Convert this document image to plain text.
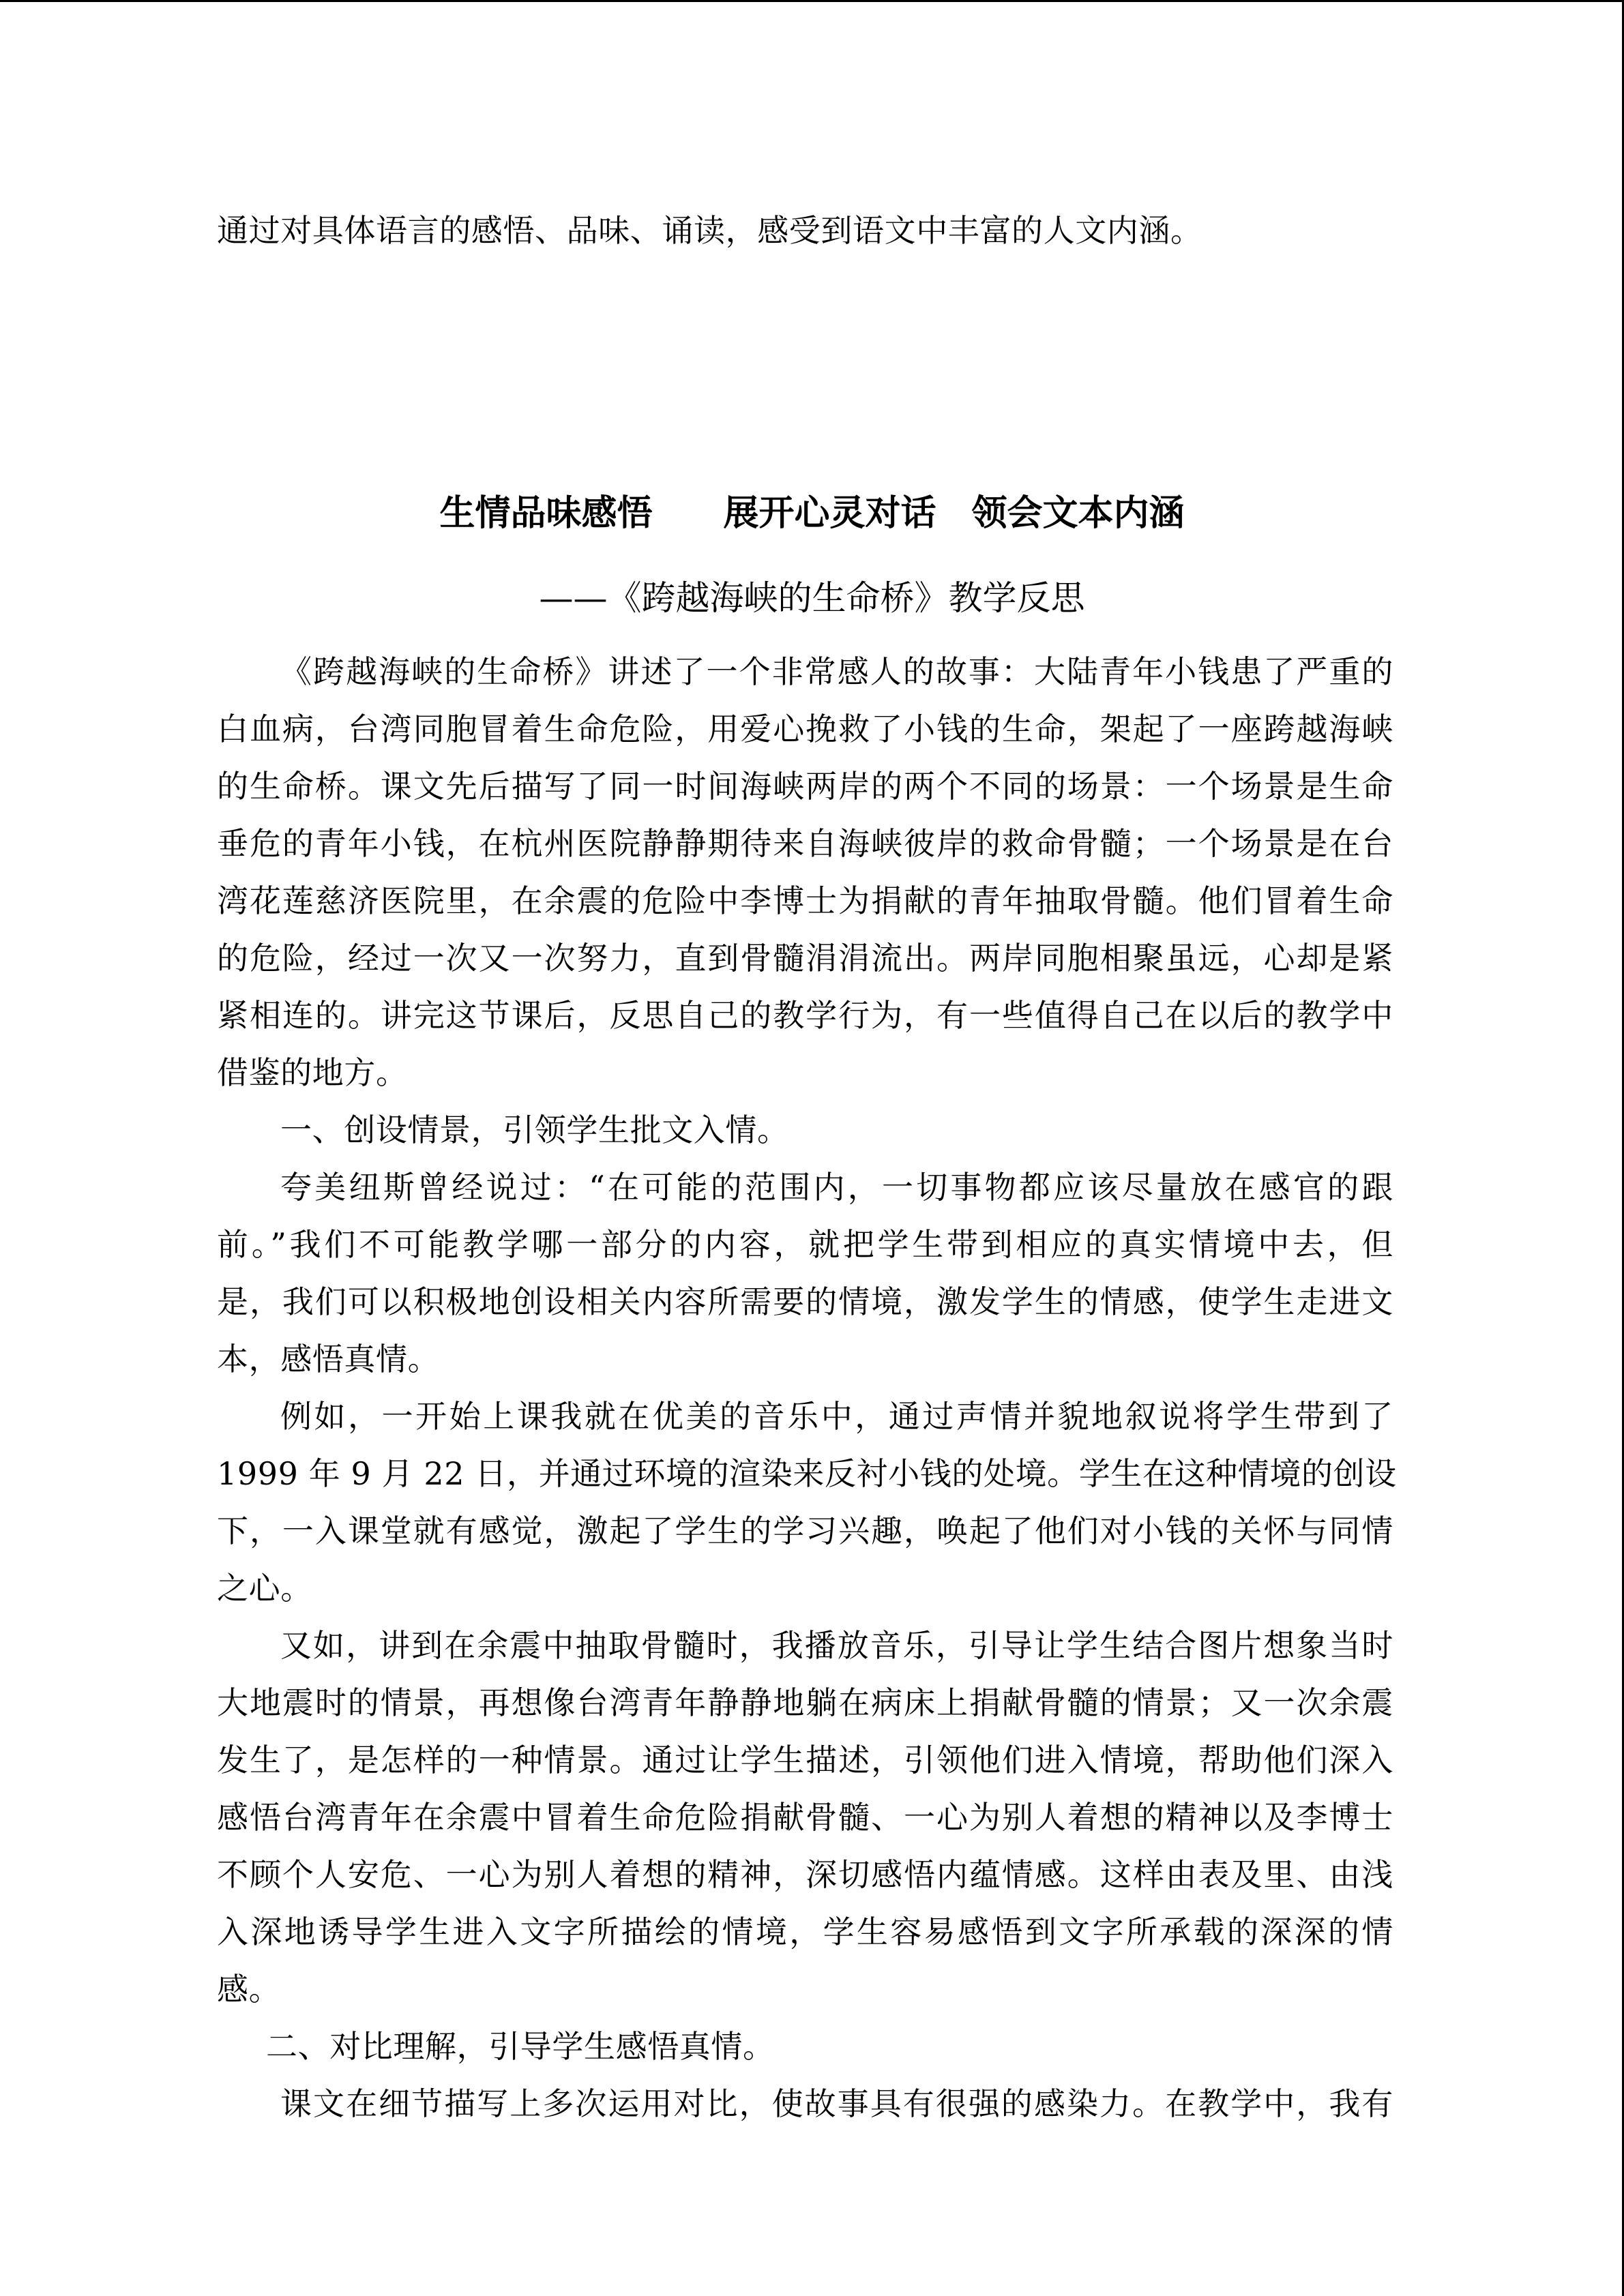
通过对具体语言的感悟、品味、诵读，感受到语文中丰富的人文内涵。
生情品味感悟　　展开心灵对话　领会文本内涵
——《跨越海峡的生命桥》教学反思
《跨越海峡的生命桥》讲述了一个非常感人的故事：大陆青年小钱患了严重的
白血病，台湾同胞冒着生命危险，用爱心挽救了小钱的生命，架起了一座跨越海峡
的生命桥。课文先后描写了同一时间海峡两岸的两个不同的场景：一个场景是生命
垂危的青年小钱，在杭州医院静静期待来自海峡彼岸的救命骨髓；一个场景是在台
湾花莲慈济医院里，在余震的危险中李博士为捐献的青年抽取骨髓。他们冒着生命
的危险，经过一次又一次努力，直到骨髓涓涓流出。两岸同胞相聚虽远，心却是紧
紧相连的。讲完这节课后，反思自己的教学行为，有一些值得自己在以后的教学中
借鉴的地方。
一、创设情景，引领学生批文入情。
夸美纽斯曾经说过：“在可能的范围内，一切事物都应该尽量放在感官的跟
前。”我们不可能教学哪一部分的内容，就把学生带到相应的真实情境中去，但
是，我们可以积极地创设相关内容所需要的情境，激发学生的情感，使学生走进文
本，感悟真情。
例如，一开始上课我就在优美的音乐中，通过声情并貌地叙说将学生带到了
1999 年 9 月 22 日，并通过环境的渲染来反衬小钱的处境。学生在这种情境的创设
下，一入课堂就有感觉，激起了学生的学习兴趣，唤起了他们对小钱的关怀与同情
之心。
又如，讲到在余震中抽取骨髓时，我播放音乐，引导让学生结合图片想象当时
大地震时的情景，再想像台湾青年静静地躺在病床上捐献骨髓的情景；又一次余震
发生了，是怎样的一种情景。通过让学生描述，引领他们进入情境，帮助他们深入
感悟台湾青年在余震中冒着生命危险捐献骨髓、一心为别人着想的精神以及李博士
不顾个人安危、一心为别人着想的精神，深切感悟内蕴情感。这样由表及里、由浅
入深地诱导学生进入文字所描绘的情境，学生容易感悟到文字所承载的深深的情
感。
二、对比理解，引导学生感悟真情。
课文在细节描写上多次运用对比，使故事具有很强的感染力。在教学中，我有
